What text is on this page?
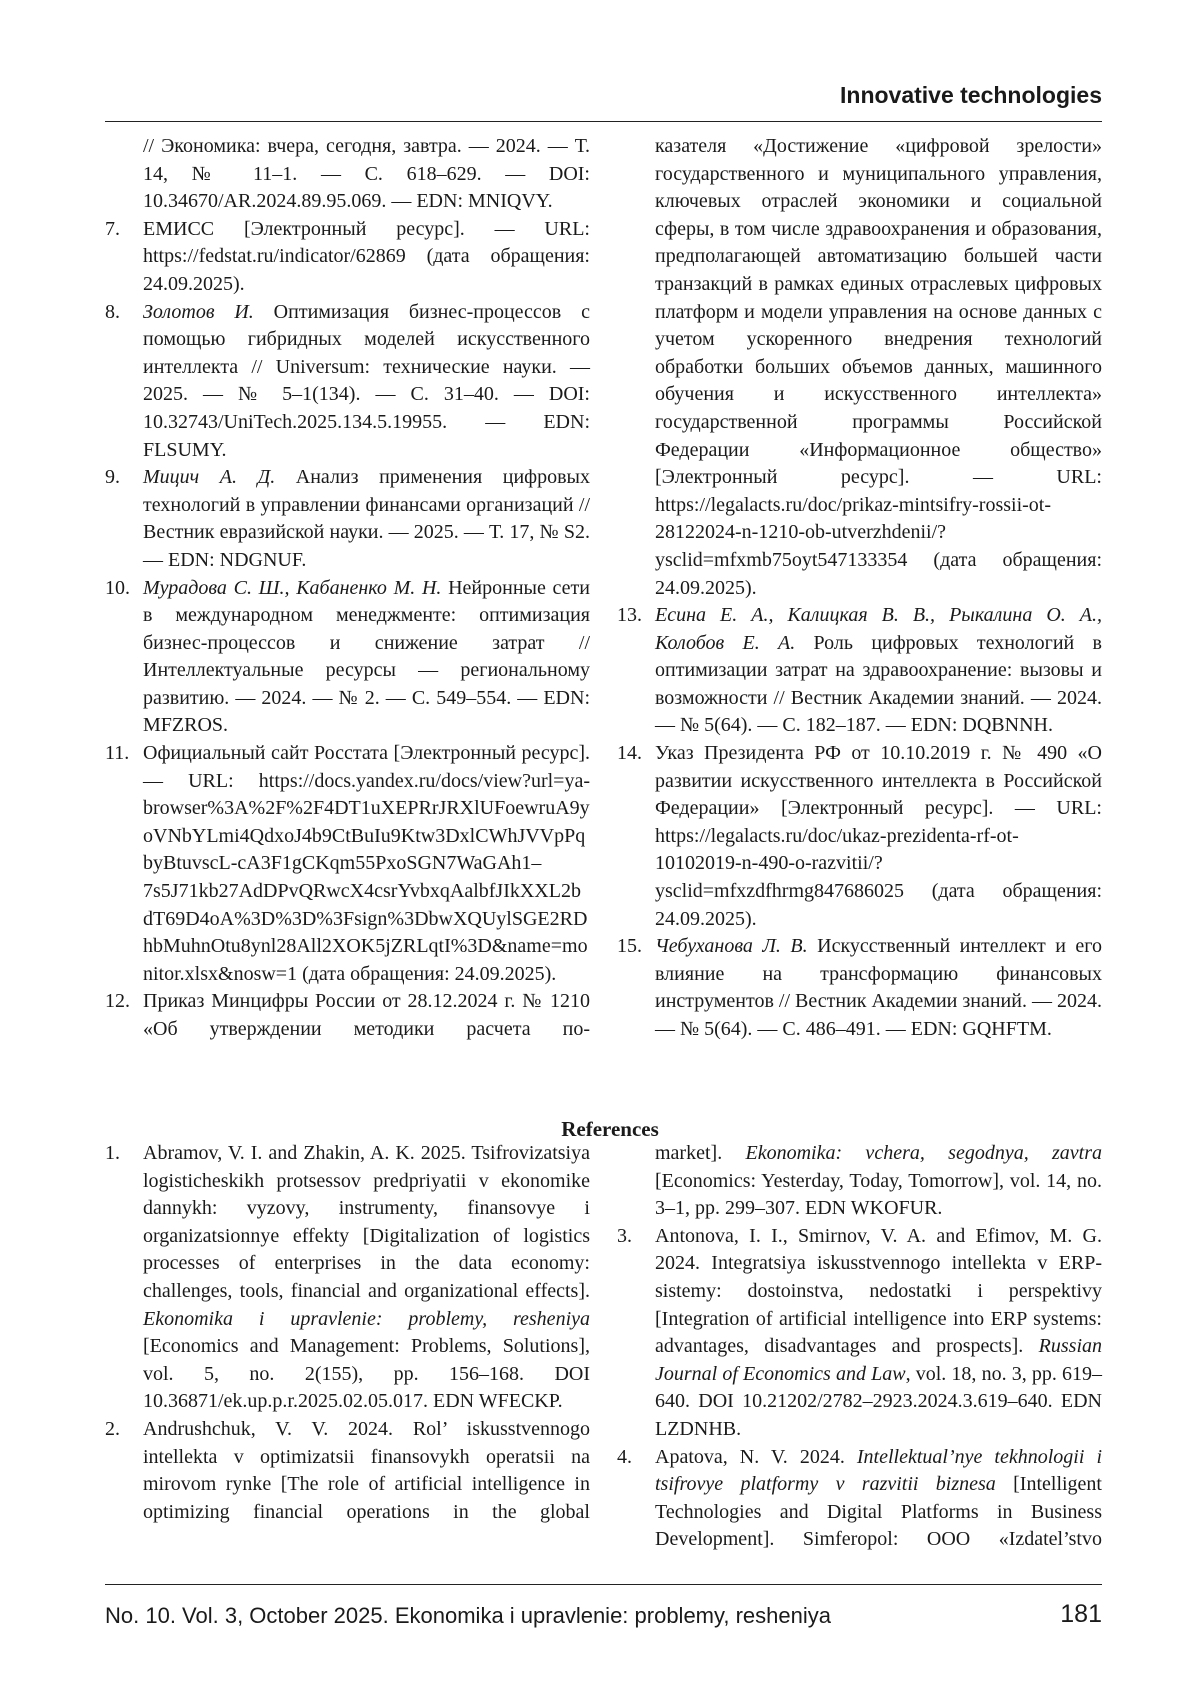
Innovative technologies
// Экономика: вчера, сегодня, завтра. — 2024. — Т. 14, № 11–1. — С. 618–629. — DOI: 10.34670/AR.2024.89.95.069. — EDN: MNIQVY.
7.	ЕМИСС [Электронный ресурс]. — URL: https://fedstat.ru/indicator/62869 (дата обращения: 24.09.2025).
8.	Золотов И. Оптимизация бизнес-процессов с помощью гибридных моделей искусственного интеллекта // Universum: технические науки. — 2025. — № 5–1(134). — С. 31–40. — DOI: 10.32743/UniTech.2025.134.5.19955. — EDN: FLSUMY.
9.	Мицич А. Д. Анализ применения цифровых технологий в управлении финансами организаций // Вестник евразийской науки. — 2025. — Т. 17, № S2. — EDN: NDGNUF.
10. Мурадова С. Ш., Кабаненко М. Н. Нейронные сети в международном менеджменте: оптимизация бизнес-процессов и снижение затрат // Интеллектуальные ресурсы — региональному развитию. — 2024. — № 2. — С. 549–554. — EDN: MFZROS.
11. Официальный сайт Росстата [Электронный ресурс]. — URL: https://docs.yandex.ru/docs/view?url=ya-browser%3A%2F%2F4DT1uXEPRrJRXlUFoewruA9yoVNbYLmi4QdxoJ4b9CtBuIu9Ktw3DxlCWhJVVpPqbyBtuvscL-cA3F1gCKqm55PxoSGN7WaGAh1–7s5J71kb27AdDPvQRwcX4csrYvbxqAalbfJIkXXL2bdT69D4oA%3D%3D%3Fsign%3DbwXQUylSGE2RDhbMuhnOtu8ynl28All2XOK5jZRLqtI%3D&name=monitor.xlsx&nosw=1 (дата обращения: 24.09.2025).
12. Приказ Минцифры России от 28.12.2024 г. № 1210 «Об утверждении методики расчета по-
казателя «Достижение «цифровой зрелости» государственного и муниципального управления, ключевых отраслей экономики и социальной сферы, в том числе здравоохранения и образования, предполагающей автоматизацию большей части транзакций в рамках единых отраслевых цифровых платформ и модели управления на основе данных с учетом ускоренного внедрения технологий обработки больших объемов данных, машинного обучения и искусственного интеллекта» государственной программы Российской Федерации «Информационное общество» [Электронный ресурс]. — URL: https://legalacts.ru/doc/prikaz-mintsifry-rossii-ot-28122024-n-1210-ob-utverzhdenii/?ysclid=mfxmb75oyt547133354 (дата обращения: 24.09.2025).
13. Есина Е. А., Калицкая В. В., Рыкалина О. А., Колобов Е. А. Роль цифровых технологий в оптимизации затрат на здравоохранение: вызовы и возможности // Вестник Академии знаний. — 2024. — № 5(64). — С. 182–187. — EDN: DQBNNH.
14. Указ Президента РФ от 10.10.2019 г. № 490 «О развитии искусственного интеллекта в Российской Федерации» [Электронный ресурс]. — URL: https://legalacts.ru/doc/ukaz-prezidenta-rf-ot-10102019-n-490-o-razvitii/?ysclid=mfxzdfhrmg847686025 (дата обращения: 24.09.2025).
15. Чебуханова Л. В. Искусственный интеллект и его влияние на трансформацию финансовых инструментов // Вестник Академии знаний. — 2024. — № 5(64). — С. 486–491. — EDN: GQHFTM.
References
1.	Abramov, V. I. and Zhakin, A. K. 2025. Tsifrovizatsiya logisticheskikh protsessov predpriyatii v ekonomike dannykh: vyzovy, instrumenty, finansovye i organizatsionnye effekty [Digitalization of logistics processes of enterprises in the data economy: challenges, tools, financial and organizational effects]. Ekonomika i upravlenie: problemy, resheniya [Economics and Management: Problems, Solutions], vol. 5, no. 2(155), pp. 156–168. DOI 10.36871/ek.up.p.r.2025.02.05.017. EDN WFECKP.
2.	Andrushchuk, V. V. 2024. Rol’ iskusstvennogo intellekta v optimizatsii finansovykh operatsii na mirovom rynke [The role of artificial intelligence in optimizing financial operations in the global
market]. Ekonomika: vchera, segodnya, zavtra [Economics: Yesterday, Today, Tomorrow], vol. 14, no. 3–1, pp. 299–307. EDN WKOFUR.
3.	Antonova, I. I., Smirnov, V. A. and Efimov, M. G. 2024. Integratsiya iskusstvennogo intellekta v ERP-sistemy: dostoinstva, nedostatki i perspektivy [Integration of artificial intelligence into ERP systems: advantages, disadvantages and prospects]. Russian Journal of Economics and Law, vol. 18, no. 3, pp. 619–640. DOI 10.21202/2782–2923.2024.3.619–640. EDN LZDNHB.
4.	Apatova, N. V. 2024. Intellektual’nye tekhnologii i tsifrovye platformy v razvitii biznesa [Intelligent Technologies and Digital Platforms in Business Development]. Simferopol: OOO «Izdatel’stvo
No. 10. Vol. 3, October 2025. Ekonomika i upravlenie: problemy, resheniya	181
